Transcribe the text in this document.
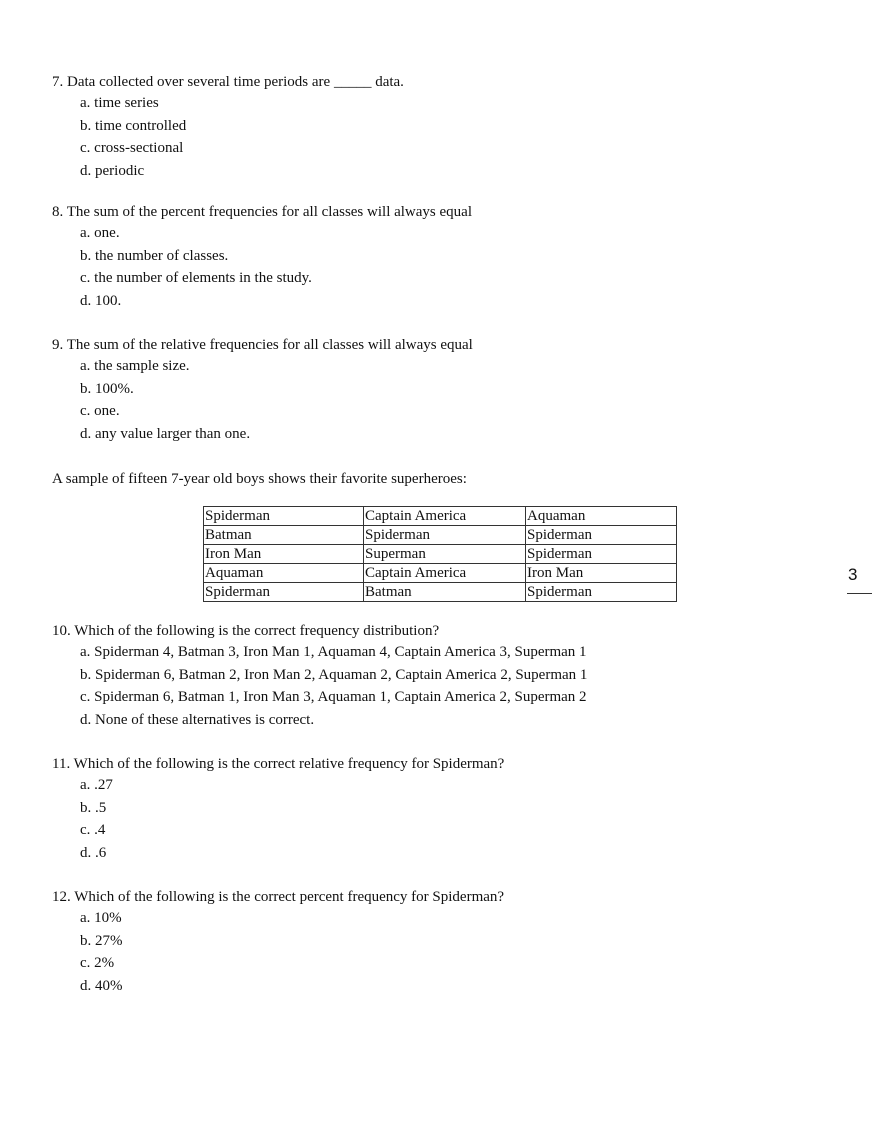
7. Data collected over several time periods are _____ data.
a. time series
b. time controlled
c. cross-sectional
d. periodic
8. The sum of the percent frequencies for all classes will always equal
a. one.
b. the number of classes.
c. the number of elements in the study.
d. 100.
9. The sum of the relative frequencies for all classes will always equal
a. the sample size.
b. 100%.
c. one.
d. any value larger than one.
10. Which of the following is the correct frequency distribution?
a. Spiderman 4, Batman 3, Iron Man 1, Aquaman 4, Captain America 3, Superman 1
b. Spiderman 6, Batman 2, Iron Man 2, Aquaman 2, Captain America 2, Superman 1
c. Spiderman 6, Batman 1, Iron Man 3, Aquaman 1, Captain America 2, Superman 2
d. None of these alternatives is correct.
11. Which of the following is the correct relative frequency for Spiderman?
a. .27
b. .5
c. .4
d. .6
12. Which of the following is the correct percent frequency for Spiderman?
a. 10%
b. 27%
c. 2%
d. 40%
A sample of fifteen 7-year old boys shows their favorite superheroes:
Spiderman	Captain America	Aquaman
Batman	Spiderman	Spiderman
Iron Man	Superman	Spiderman
Aquaman	Captain America	Iron Man
Spiderman	Batman	Spiderman
3
